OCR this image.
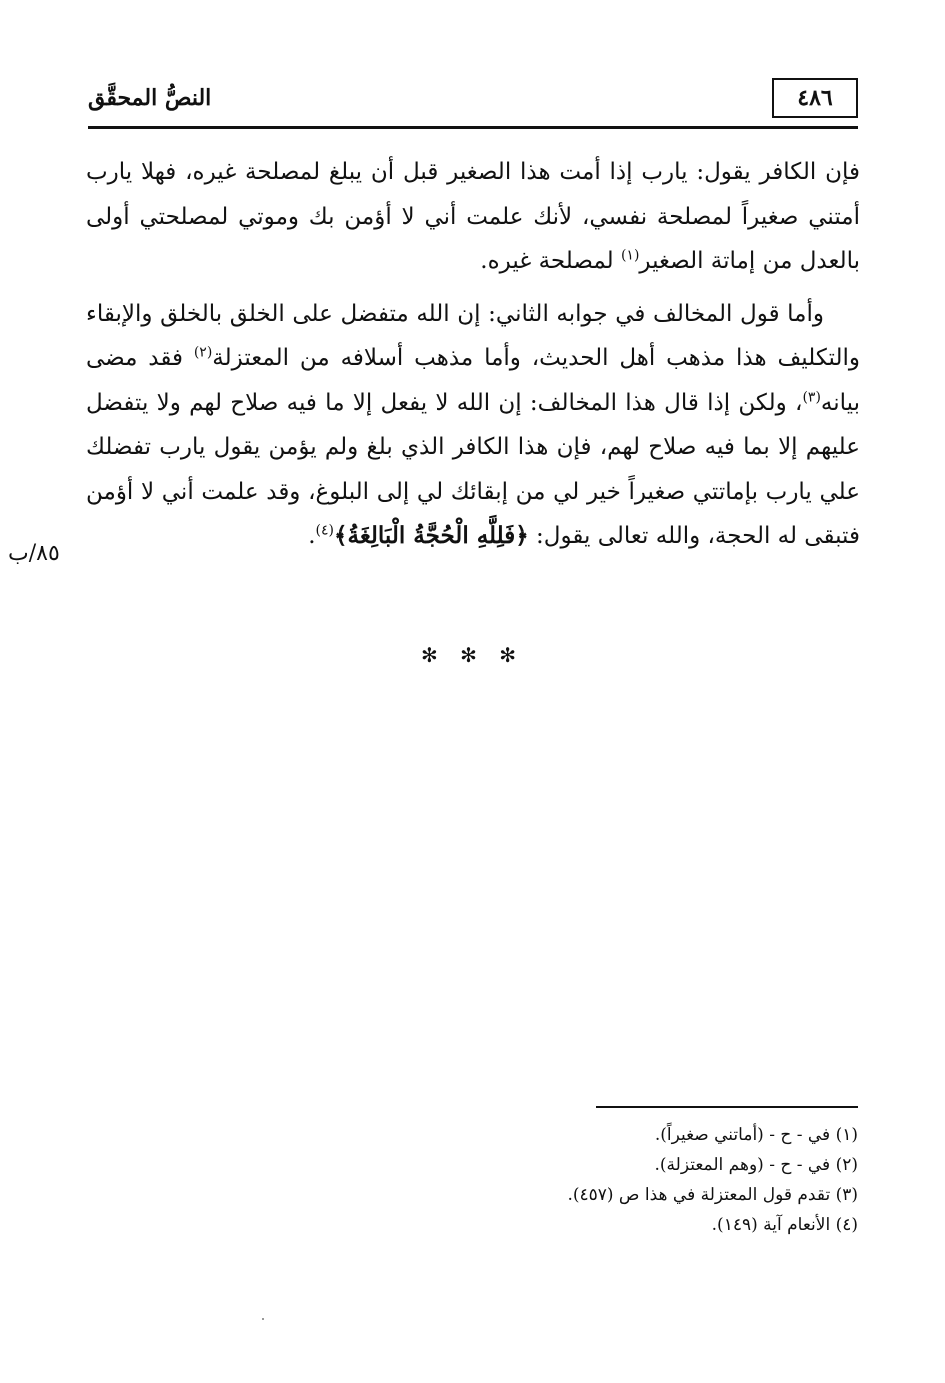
٤٨٦
النصُّ المحقَّق

فإن الكافر يقول: يارب إذا أمت هذا الصغير قبل أن يبلغ لمصلحة غيره، فهلا يارب أمتني صغيراً لمصلحة نفسي، لأنك علمت أني لا أؤمن بك وموتي لمصلحتي أولى بالعدل من إماتة الصغير$^{(١)}$ لمصلحة غيره.

وأما قول المخالف في جوابه الثاني: إن الله متفضل على الخلق بالخلق والإبقاء والتكليف هذا مذهب أهل الحديث، وأما مذهب أسلافه من المعتزلة$^{(٢)}$ فقد مضى بيانه$^{(٣)}$، ولكن إذا قال هذا المخالف: إن الله لا يفعل إلا ما فيه صلاح لهم ولا يتفضل عليهم إلا بما فيه صلاح لهم، فإن هذا الكافر الذي بلغ ولم يؤمن يقول يارب تفضلك علي يارب بإماتتي صغيراً خير لي من إبقائك لي إلى البلوغ، وقد علمت أني لا أؤمن فتبقى له الحجة، والله تعالى يقول: ﴿فَلِلَّهِ الْحُجَّةُ الْبَالِغَةُ﴾$^{(٤)}$.

٨٥/ب
✻ ✻ ✻

(١) في - ح - (أماتني صغيراً).

(٢) في - ح - (وهم المعتزلة).

(٣) تقدم قول المعتزلة في هذا ص (٤٥٧).

(٤) الأنعام آية (١٤٩).
